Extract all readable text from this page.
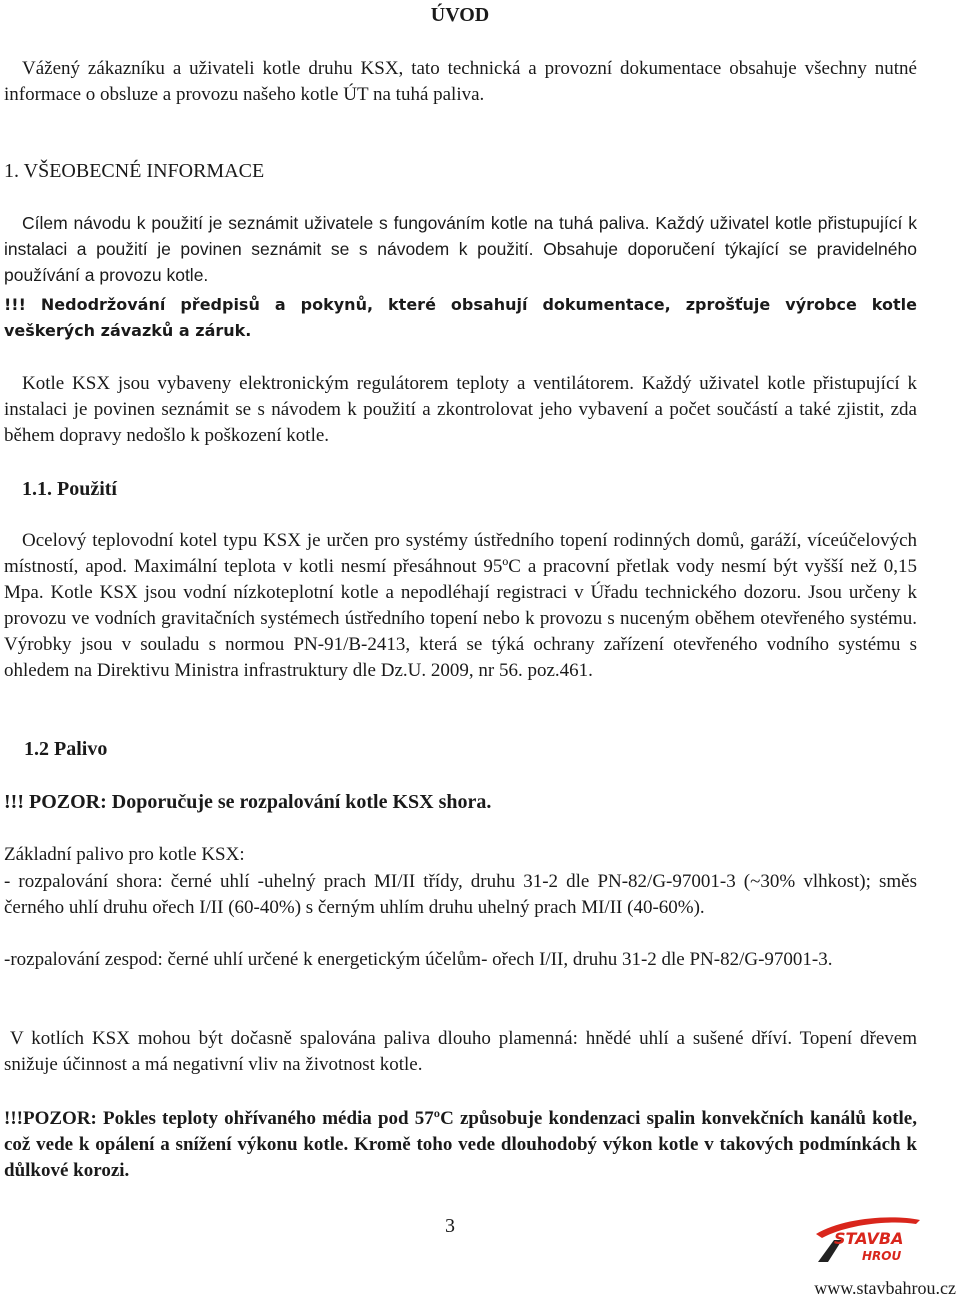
ÚVOD

Vážený zákazníku a uživateli kotle druhu KSX, tato technická a provozní dokumentace obsahuje všechny nutné informace o obsluze a provozu našeho kotle ÚT na tuhá paliva.

1. VŠEOBECNÉ INFORMACE

Cílem návodu k použití je seznámit uživatele s fungováním kotle na tuhá paliva. Každý uživatel kotle přistupující k instalaci a použití je povinen seznámit se s návodem k použití. Obsahuje doporučení týkající se pravidelného používání a provozu kotle.

!!! Nedodržování předpisů a pokynů, které obsahují dokumentace, zprošťuje výrobce kotle veškerých závazků a záruk.

Kotle KSX jsou vybaveny elektronickým regulátorem teploty a ventilátorem. Každý uživatel kotle přistupující k instalaci je povinen seznámit se s návodem k použití a zkontrolovat jeho vybavení a počet součástí a také zjistit, zda během dopravy nedošlo k poškození kotle.

1.1. Použití

Ocelový teplovodní kotel typu KSX je určen pro systémy ústředního topení rodinných domů, garáží, víceúčelových místností, apod. Maximální teplota v kotli nesmí přesáhnout 95ºC a pracovní přetlak vody nesmí být vyšší než 0,15 Mpa. Kotle KSX jsou vodní nízkoteplotní kotle a nepodléhají registraci v Úřadu technického dozoru. Jsou určeny k provozu ve vodních gravitačních systémech ústředního topení nebo k provozu s nuceným oběhem otevřeného systému. Výrobky jsou v souladu s normou PN-91/B-2413, která se týká ochrany zařízení otevřeného vodního systému s ohledem na Direktivu Ministra infrastruktury dle Dz.U. 2009, nr 56. poz.461.

1.2 Palivo
!!! POZOR: Doporučuje se rozpalování kotle KSX shora.
Základní palivo pro kotle KSX:

- rozpalování shora: černé uhlí -uhelný prach MI/II třídy, druhu 31-2 dle PN-82/G-97001-3 (~30% vlhkost); směs černého uhlí druhu ořech I/II (60-40%) s černým uhlím druhu uhelný prach MI/II (40-60%).

-rozpalování zespod: černé uhlí určené k energetickým účelům- ořech I/II, druhu 31-2 dle PN-82/G-97001-3.

V kotlích KSX mohou být dočasně spalována paliva dlouho plamenná: hnědé uhlí a sušené dříví. Topení dřevem snižuje účinnost a má negativní vliv na životnost kotle.

!!!POZOR: Pokles teploty ohřívaného média pod 57ºC způsobuje kondenzaci spalin konvekčních kanálů kotle, což vede k opálení a snížení výkonu kotle. Kromě toho vede dlouhodobý výkon kotle v takových podmínkách k důlkové korozi.

3
STAVBA
HROU
www.stavbahrou.cz
